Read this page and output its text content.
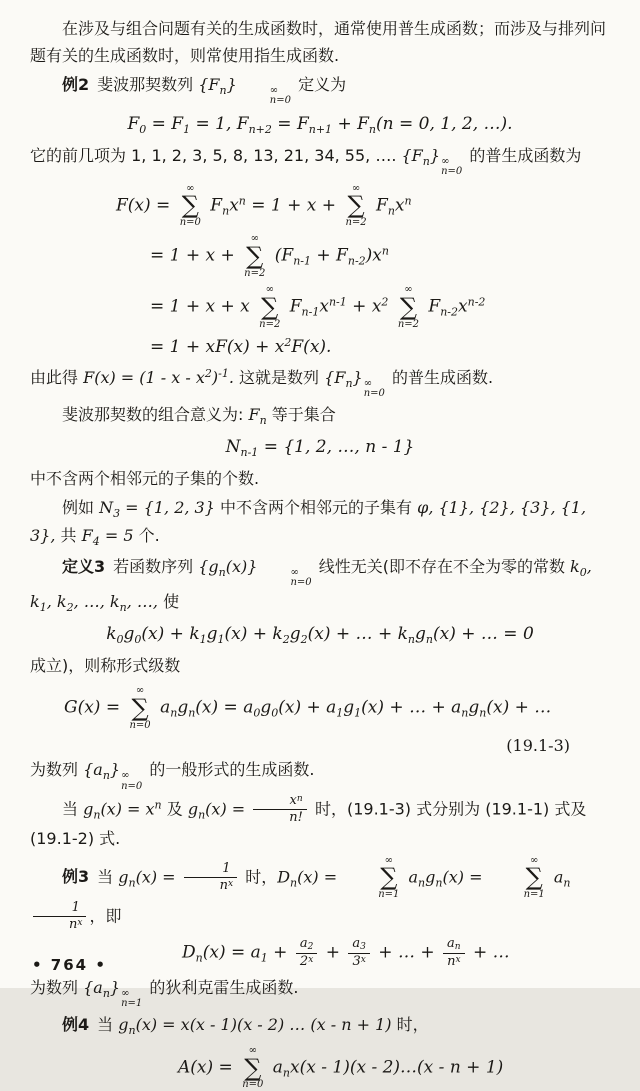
在涉及与组合问题有关的生成函数时，通常使用普生成函数；而涉及与排列问题有关的生成函数时，则常使用指生成函数.

例2 斐波那契数列 $\{F_n\}$	∞
n=0
定义为

$F_0 = F_1 = 1$, $F_{n+2} = F_{n+1} + F_n(n = 0$, 1, 2, …).

它的前几项为 1, 1, 2, 3, 5, 8, 13, 21, 34, 55, …. $\{F_n\}$ ∞
n=0
的普生成函数为

F(x) =
∞
∑
n=0
$F_nx^n = 1 + x$ +
∞
∑
n=2
$F_nx^n$
= 1 + x +
∞
∑
n=2
$(F_{n-1} + F_{n-2})x^n$
= 1 + x + x
∞
∑
n=2
$F_{n-1}x^{n-1} + x^2$
∞
∑
n=2
$F_{n-2}x^{n-2}$
= $1 + xF(x) + x^2F(x)$.

由此得 $F(x) = (1 - x - x^2)^{-1}$. 这就是数列 $\{F_n\}$ ∞
n=0
的普生成函数.

斐波那契数的组合意义为: $F_n$ 等于集合

$N_{n-1} = \{1$, 2, …, n - 1}

中不含两个相邻元的子集的个数.

例如 $N_3 = \{1$, 2, 3} 中不含两个相邻元的子集有 φ, {1}, {2}, {3}, {1, 3}, 共 $F_4 = 5$ 个.

定义3 若函数序列 $\{g_n(x)\}$	∞
n=0
线性无关(即不存在不全为零的常数 $k_0$, $k_1$, $k_2$, …, $k_n$, …, 使

$k_0g_0(x) + k_1g_1(x) + k_2g_2(x)$ + … + $k_ng_n(x)$ + … = 0

成立)，则称形式级数

G(x) =
∞
∑
n=0
$a_ng_n(x) = a_0g_0(x) + a_1g_1(x)$ + … + $a_ng_n(x)$ + …
(19.1-3)

为数列 $\{a_n\}$ ∞
n=0
的一般形式的生成函数.

当 $g_n(x) = x^n$ 及 $g_n(x) = \frac{x^n}{n!}$ 时，(19.1-3) 式分别为 (19.1-1) 式及 (19.1-2) 式.

例3 当 $g_n(x) = \frac{1}{n^x}$ 时，$D_n(x)$ =
∞
∑
n=1
$a_ng_n(x)$ =
∞
∑
n=1
$a_n$
$\frac{1}{n^x}$ ，即

$D_n(x) = a_1 + \frac{a2}{2^x} + \frac{a3}{3^x}$ + … + $\frac{an}{n^x}$ + …

为数列 $\{a_n\}$ ∞
n=1
的狄利克雷生成函数.

例4 当 $g_n(x) = x(x - 1)(x - 2)$ … (x - n + 1) 时，

A(x) =
∞
∑
n=0
$a_nx(x - 1)(x$ - 2)…(x - n + 1)
• 764 •
